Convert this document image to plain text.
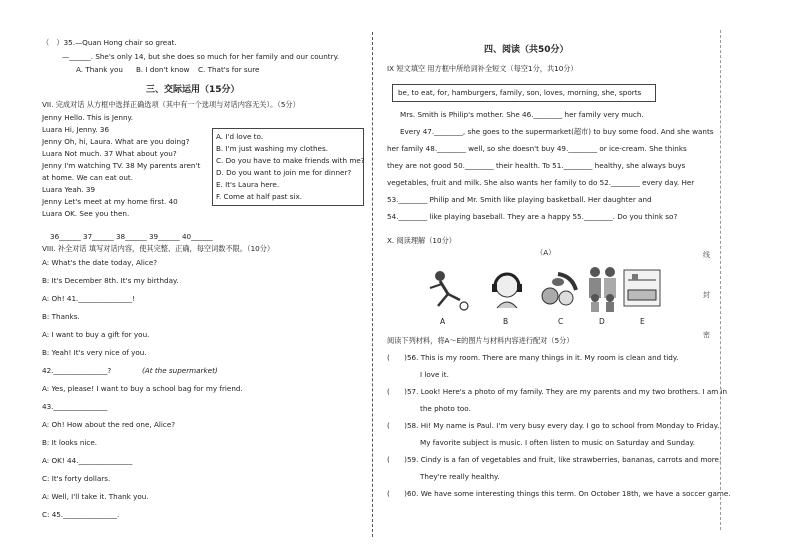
（　）35.—Quan Hong chair so great.
—______. She's only 14, but she does so much for her family and our country.
A. Thank you B. I don't know C. That's for sure
三、交际运用（15分）
VII. 完成对话 从方框中选择正确选项（其中有一个选项与对话内容无关）。（5分）
Jenny Hello. This is Jenny.
Luara Hi, Jenny. 36
Jenny Oh, hi, Laura. What are you doing?
Luara Not much. 37 What about you?
Jenny I'm watching TV. 38 My parents aren't
at home. We can eat out.
Luara Yeah. 39
Jenny Let's meet at my home first. 40
Luara OK. See you then.
A. I'd love to.
B. I'm just washing my clothes.
C. Do you have to make friends with me?
D. Do you want to join me for dinner?
E. It's Laura here.
F. Come at half past six.
36______ 37______ 38______ 39______ 40______
VIII. 补全对话 填写对话内容，使其完整、正确，每空词数不限。（10分）
A: What's the date today, Alice?
B: It's December 8th. It's my birthday.
A: Oh! 41._______________!
B: Thanks.
A: I want to buy a gift for you.
B: Yeah! It's very nice of you.
42._______________?	(At the supermarket)
A: Yes, please! I want to buy a school bag for my friend.
43._______________
A: Oh! How about the red one, Alice?
B: It looks nice.
A: OK! 44._______________
C: It's forty dollars.
A: Well, I'll take it. Thank you.
C: 45._______________.
四、阅读（共50分）
IX 短文填空 用方框中所给词补全短文（每空1分，共10分）
be, to eat, for, hamburgers, family, son, loves, morning, she, sports
Mrs. Smith is Philip's mother. She 46.________ her family very much.
Every 47.________, she goes to the supermarket(超市) to buy some food. And she wants
her family 48.________ well, so she doesn't buy 49.________ or ice-cream. She thinks
they are not good 50.________ their health. To 51.________ healthy, she always buys
vegetables, fruit and milk. She also wants her family to do 52.________ every day. Her
53.________ Philip and Mr. Smith like playing basketball. Her daughter and
54.________ like playing baseball. They are a happy 55.________. Do you think so?
X. 阅读理解（10分）
（A）
A	B	C	D	E
阅读下列材料，将A～E的图片与材料内容进行配对（5分）
(　　)56. This is my room. There are many things in it. My room is clean and tidy.
I love it.
(　　)57. Look! Here's a photo of my family. They are my parents and my two brothers. I am in
the photo too.
(　　)58. Hi! My name is Paul. I'm very busy every day. I go to school from Monday to Friday.
My favorite subject is music. I often listen to music on Saturday and Sunday.
(　　)59. Cindy is a fan of vegetables and fruit, like strawberries, bananas, carrots and more.
They're really healthy.
(　　)60. We have some interesting things this term. On October 18th, we have a soccer game.
线
封
密
